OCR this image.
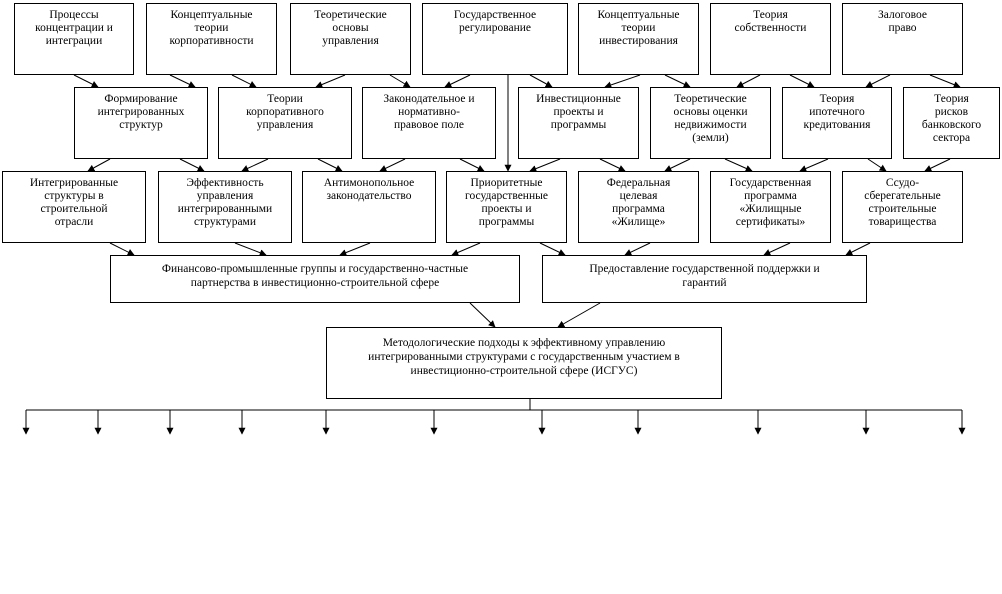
Процессы
концентрации и
интеграции
Концептуальные
теории
корпоративности
Теоретические
основы
управления
Государственное
регулирование
Концептуальные
теории
инвестирования
Теория
собственности
Залоговое
право
Формирование
интегрированных
структур
Теории
корпоративного
управления
Законодательное и
нормативно-
правовое поле
Инвестиционные
проекты и
программы
Теоретические
основы оценки
недвижимости
(земли)
Теория
ипотечного
кредитования
Теория
рисков
банковского
сектора
Интегрированные
структуры в
строительной
отрасли
Эффективность
управления
интегрированными
структурами
Антимонопольное
законодательство
Приоритетные
государственные
проекты и
программы
Федеральная
целевая
программа
«Жилище»
Государственная
программа
«Жилищные
сертификаты»
Ссудо-
сберегательные
строительные
товарищества
Финансово-промышленные группы и государственно-частные
партнерства в инвестиционно-строительной сфере
Предоставление государственной поддержки и
гарантий
Методологические подходы к эффективному управлению
интегрированными структурами с государственным участием в
инвестиционно-строительной сфере (ИСГУС)
